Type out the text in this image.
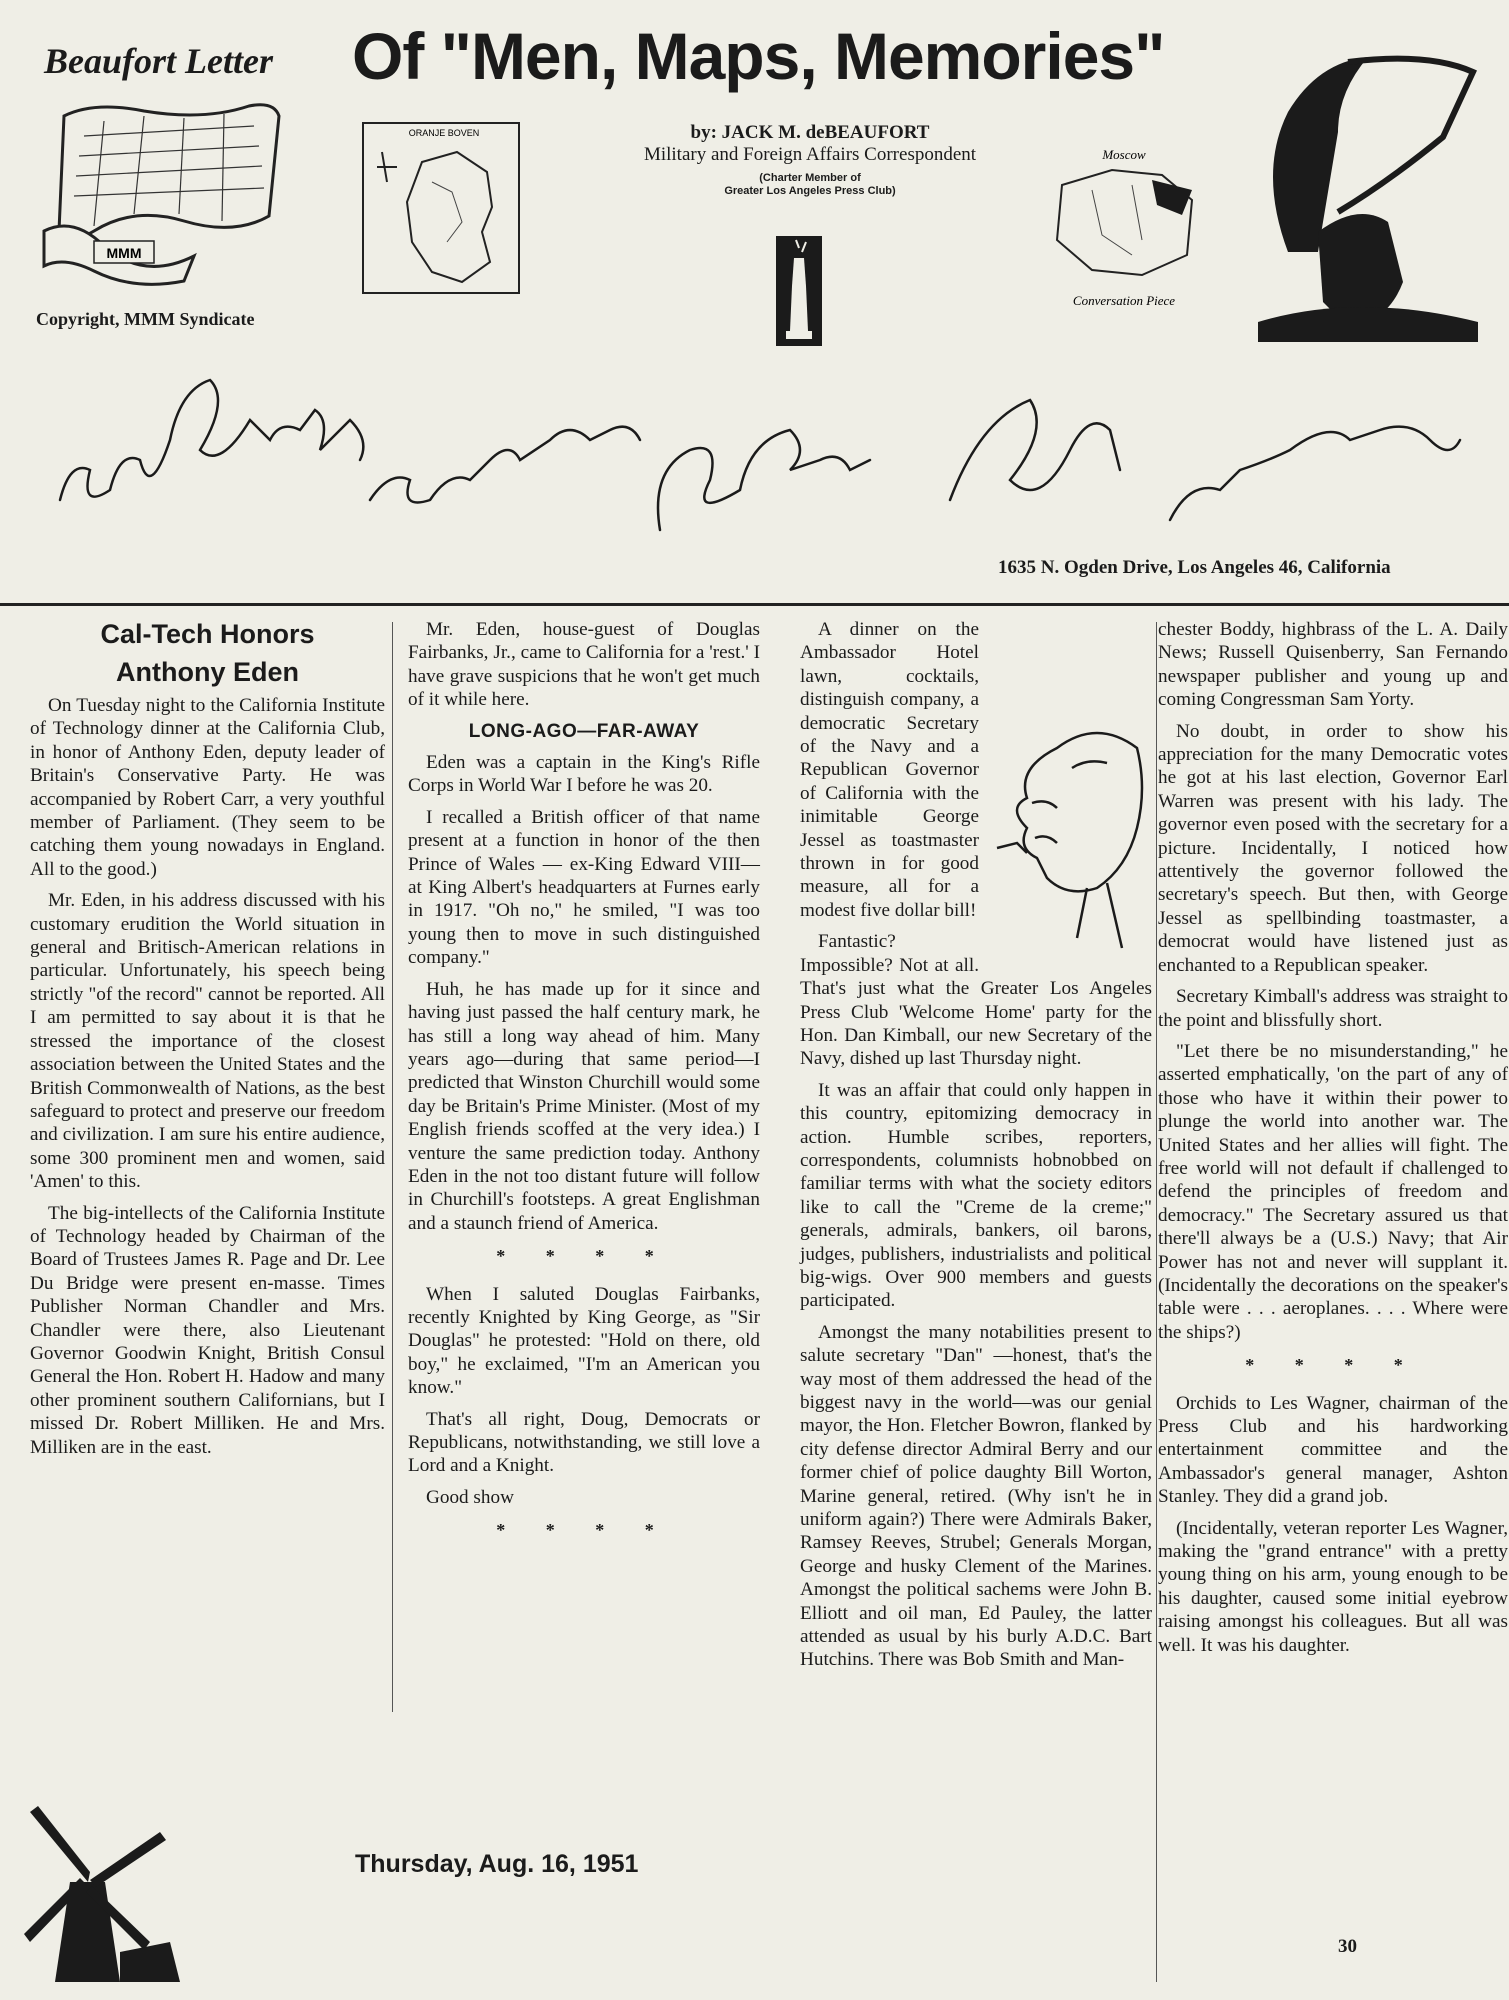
Beaufort Letter Of "Men, Maps, Memories"
MMM
ORANJE BOVEN	by: JACK M. deBEAUFORT
Military and Foreign Affairs Correspondent
(Charter Member of
Greater Los Angeles Press Club)
Moscow
Conversation Piece
Copyright, MMM Syndicate
1635 N. Ogden Drive, Los Angeles 46, California
Cal-Tech Honors
Anthony Eden

On Tuesday night to the California Institute of Technology dinner at the California Club, in honor of Anthony Eden, deputy leader of Britain's Conservative Party. He was accompanied by Robert Carr, a very youthful member of Parliament. (They seem to be catching them young nowadays in England. All to the good.)

Mr. Eden, in his address discussed with his customary erudition the World situation in general and Britisch-American relations in particular. Unfortunately, his speech being strictly "of the record" cannot be reported. All I am permitted to say about it is that he stressed the importance of the closest association between the United States and the British Commonwealth of Nations, as the best safeguard to protect and preserve our freedom and civilization. I am sure his entire audience, some 300 prominent men and women, said 'Amen' to this.

The big-intellects of the California Institute of Technology headed by Chairman of the Board of Trustees James R. Page and Dr. Lee Du Bridge were present en-masse. Times Publisher Norman Chandler and Mrs. Chandler were there, also Lieutenant Governor Goodwin Knight, British Consul General the Hon. Robert H. Hadow and many other prominent southern Californians, but I missed Dr. Robert Milliken. He and Mrs. Milliken are in the east.

Mr. Eden, house-guest of Douglas Fairbanks, Jr., came to California for a 'rest.' I have grave suspicions that he won't get much of it while here.

LONG-AGO—FAR-AWAY

Eden was a captain in the King's Rifle Corps in World War I before he was 20.

I recalled a British officer of that name present at a function in honor of the then Prince of Wales — ex-King Edward VIII— at King Albert's headquarters at Furnes early in 1917. "Oh no," he smiled, "I was too young then to move in such distinguished company."

Huh, he has made up for it since and having just passed the half century mark, he has still a long way ahead of him. Many years ago—during that same period—I predicted that Winston Churchill would some day be Britain's Prime Minister. (Most of my English friends scoffed at the very idea.) I venture the same prediction today. Anthony Eden in the not too distant future will follow in Churchill's footsteps. A great Englishman and a staunch friend of America.

* * * *

When I saluted Douglas Fairbanks, recently Knighted by King George, as "Sir Douglas" he protested: "Hold on there, old boy," he exclaimed, "I'm an American you know."

That's all right, Doug, Democrats or Republicans, notwithstanding, we still love a Lord and a Knight.

Good show

* * * *

A dinner on the Ambassador Hotel lawn, cocktails, distinguish company, a democratic Secretary of the Navy and a Republican Governor of California with the inimitable George Jessel as toastmaster thrown in for good measure, all for a modest five dollar bill!

Fantastic? Impossible? Not at all. That's just what the Greater Los Angeles Press Club 'Welcome Home' party for the Hon. Dan Kimball, our new Secretary of the Navy, dished up last Thursday night.

It was an affair that could only happen in this country, epitomizing democracy in action. Humble scribes, reporters, correspondents, columnists hobnobbed on familiar terms with what the society editors like to call the "Creme de la creme;" generals, admirals, bankers, oil barons, judges, publishers, industrialists and political big-wigs. Over 900 members and guests participated.

Amongst the many notabilities present to salute secretary "Dan" —honest, that's the way most of them addressed the head of the biggest navy in the world—was our genial mayor, the Hon. Fletcher Bowron, flanked by city defense director Admiral Berry and our former chief of police daughty Bill Worton, Marine general, retired. (Why isn't he in uniform again?) There were Admirals Baker, Ramsey Reeves, Strubel; Generals Morgan, George and husky Clement of the Marines. Amongst the political sachems were John B. Elliott and oil man, Ed Pauley, the latter attended as usual by his burly A.D.C. Bart Hutchins. There was Bob Smith and Man-

chester Boddy, highbrass of the L. A. Daily News; Russell Quisenberry, San Fernando newspaper publisher and young up and coming Congressman Sam Yorty.

No doubt, in order to show his appreciation for the many Democratic votes he got at his last election, Governor Earl Warren was present with his lady. The governor even posed with the secretary for a picture. Incidentally, I noticed how attentively the governor followed the secretary's speech. But then, with George Jessel as spellbinding toastmaster, a democrat would have listened just as enchanted to a Republican speaker.

Secretary Kimball's address was straight to the point and blissfully short.

"Let there be no misunderstanding," he asserted emphatically, 'on the part of any of those who have it within their power to plunge the world into another war. The United States and her allies will fight. The free world will not default if challenged to defend the principles of freedom and democracy." The Secretary assured us that there'll always be a (U.S.) Navy; that Air Power has not and never will supplant it. (Incidentally the decorations on the speaker's table were . . . aeroplanes. . . . Where were the ships?)

* * * *

Orchids to Les Wagner, chairman of the Press Club and his hardworking entertainment committee and the Ambassador's general manager, Ashton Stanley. They did a grand job.

(Incidentally, veteran reporter Les Wagner, making the "grand entrance" with a pretty young thing on his arm, young enough to be his daughter, caused some initial eyebrow raising amongst his colleagues. But all was well. It was his daughter.

Thursday, Aug. 16, 1951
30
